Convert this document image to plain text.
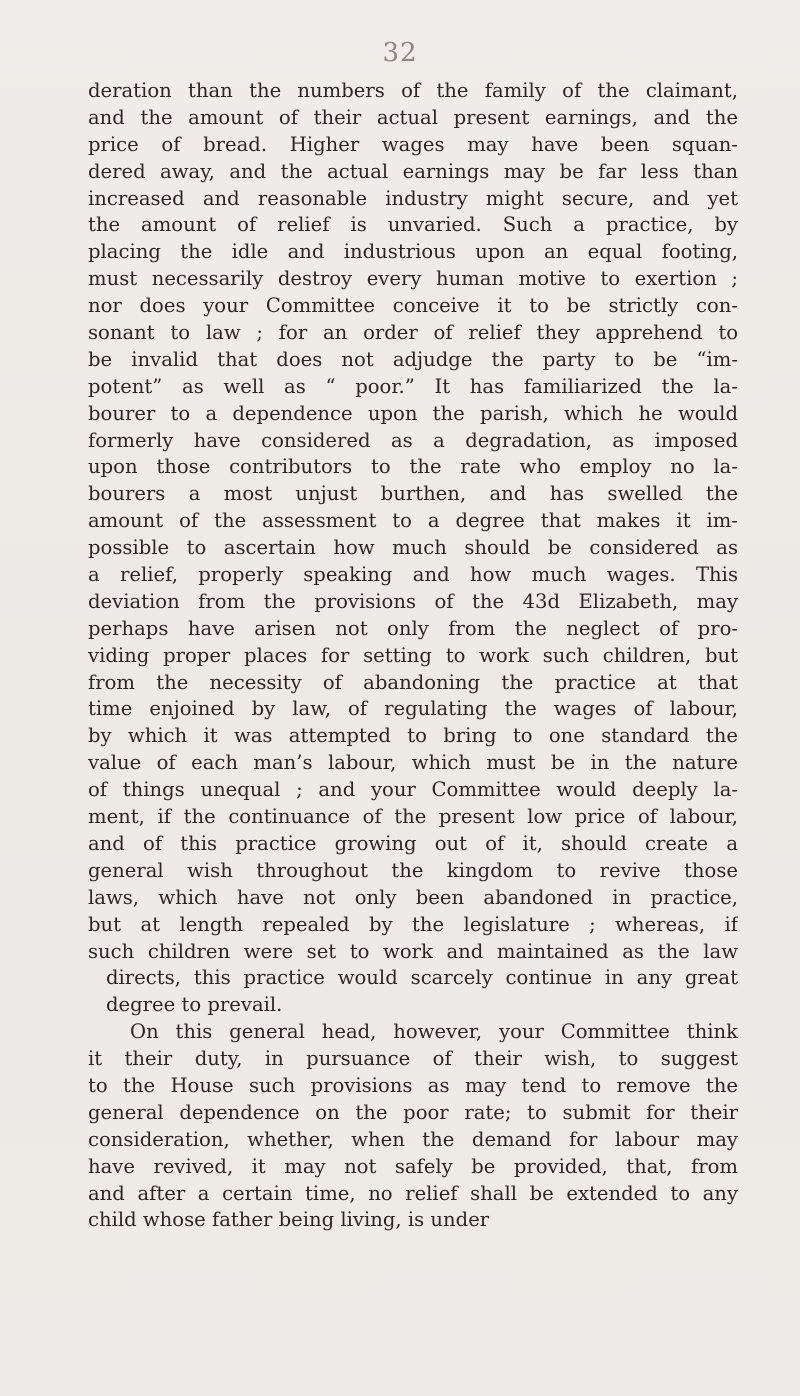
32
deration than the numbers of the family of the claimant,
and the amount of their actual present earnings, and the
price of bread. Higher wages may have been squan-
dered away, and the actual earnings may be far less than
increased and reasonable industry might secure, and yet
the amount of relief is unvaried. Such a practice, by
placing the idle and industrious upon an equal footing,
must necessarily destroy every human motive to exertion ;
nor does your Committee conceive it to be strictly con-
sonant to law ; for an order of relief they apprehend to
be invalid that does not adjudge the party to be “im-
potent” as well as “ poor.” It has familiarized the la-
bourer to a dependence upon the parish, which he would
formerly have considered as a degradation, as imposed
upon those contributors to the rate who employ no la-
bourers a most unjust burthen, and has swelled the
amount of the assessment to a degree that makes it im-
possible to ascertain how much should be considered as
a relief, properly speaking and how much wages. This
deviation from the provisions of the 43d Elizabeth, may
perhaps have arisen not only from the neglect of pro-
viding proper places for setting to work such children, but
from the necessity of abandoning the practice at that
time enjoined by law, of regulating the wages of labour,
by which it was attempted to bring to one standard the
value of each man’s labour, which must be in the nature
of things unequal ; and your Committee would deeply la-
ment, if the continuance of the present low price of labour,
and of this practice growing out of it, should create a
general wish throughout the kingdom to revive those
laws, which have not only been abandoned in practice,
but at length repealed by the legislature ; whereas, if
such children were set to work and maintained as the law
directs, this practice would scarcely continue in any great
degree to prevail.
On this general head, however, your Committee think
it their duty, in pursuance of their wish, to suggest
to the House such provisions as may tend to remove the
general dependence on the poor rate; to submit for their
consideration, whether, when the demand for labour may
have revived, it may not safely be provided, that, from
and after a certain time, no relief shall be extended to any
child whose father being living, is under
